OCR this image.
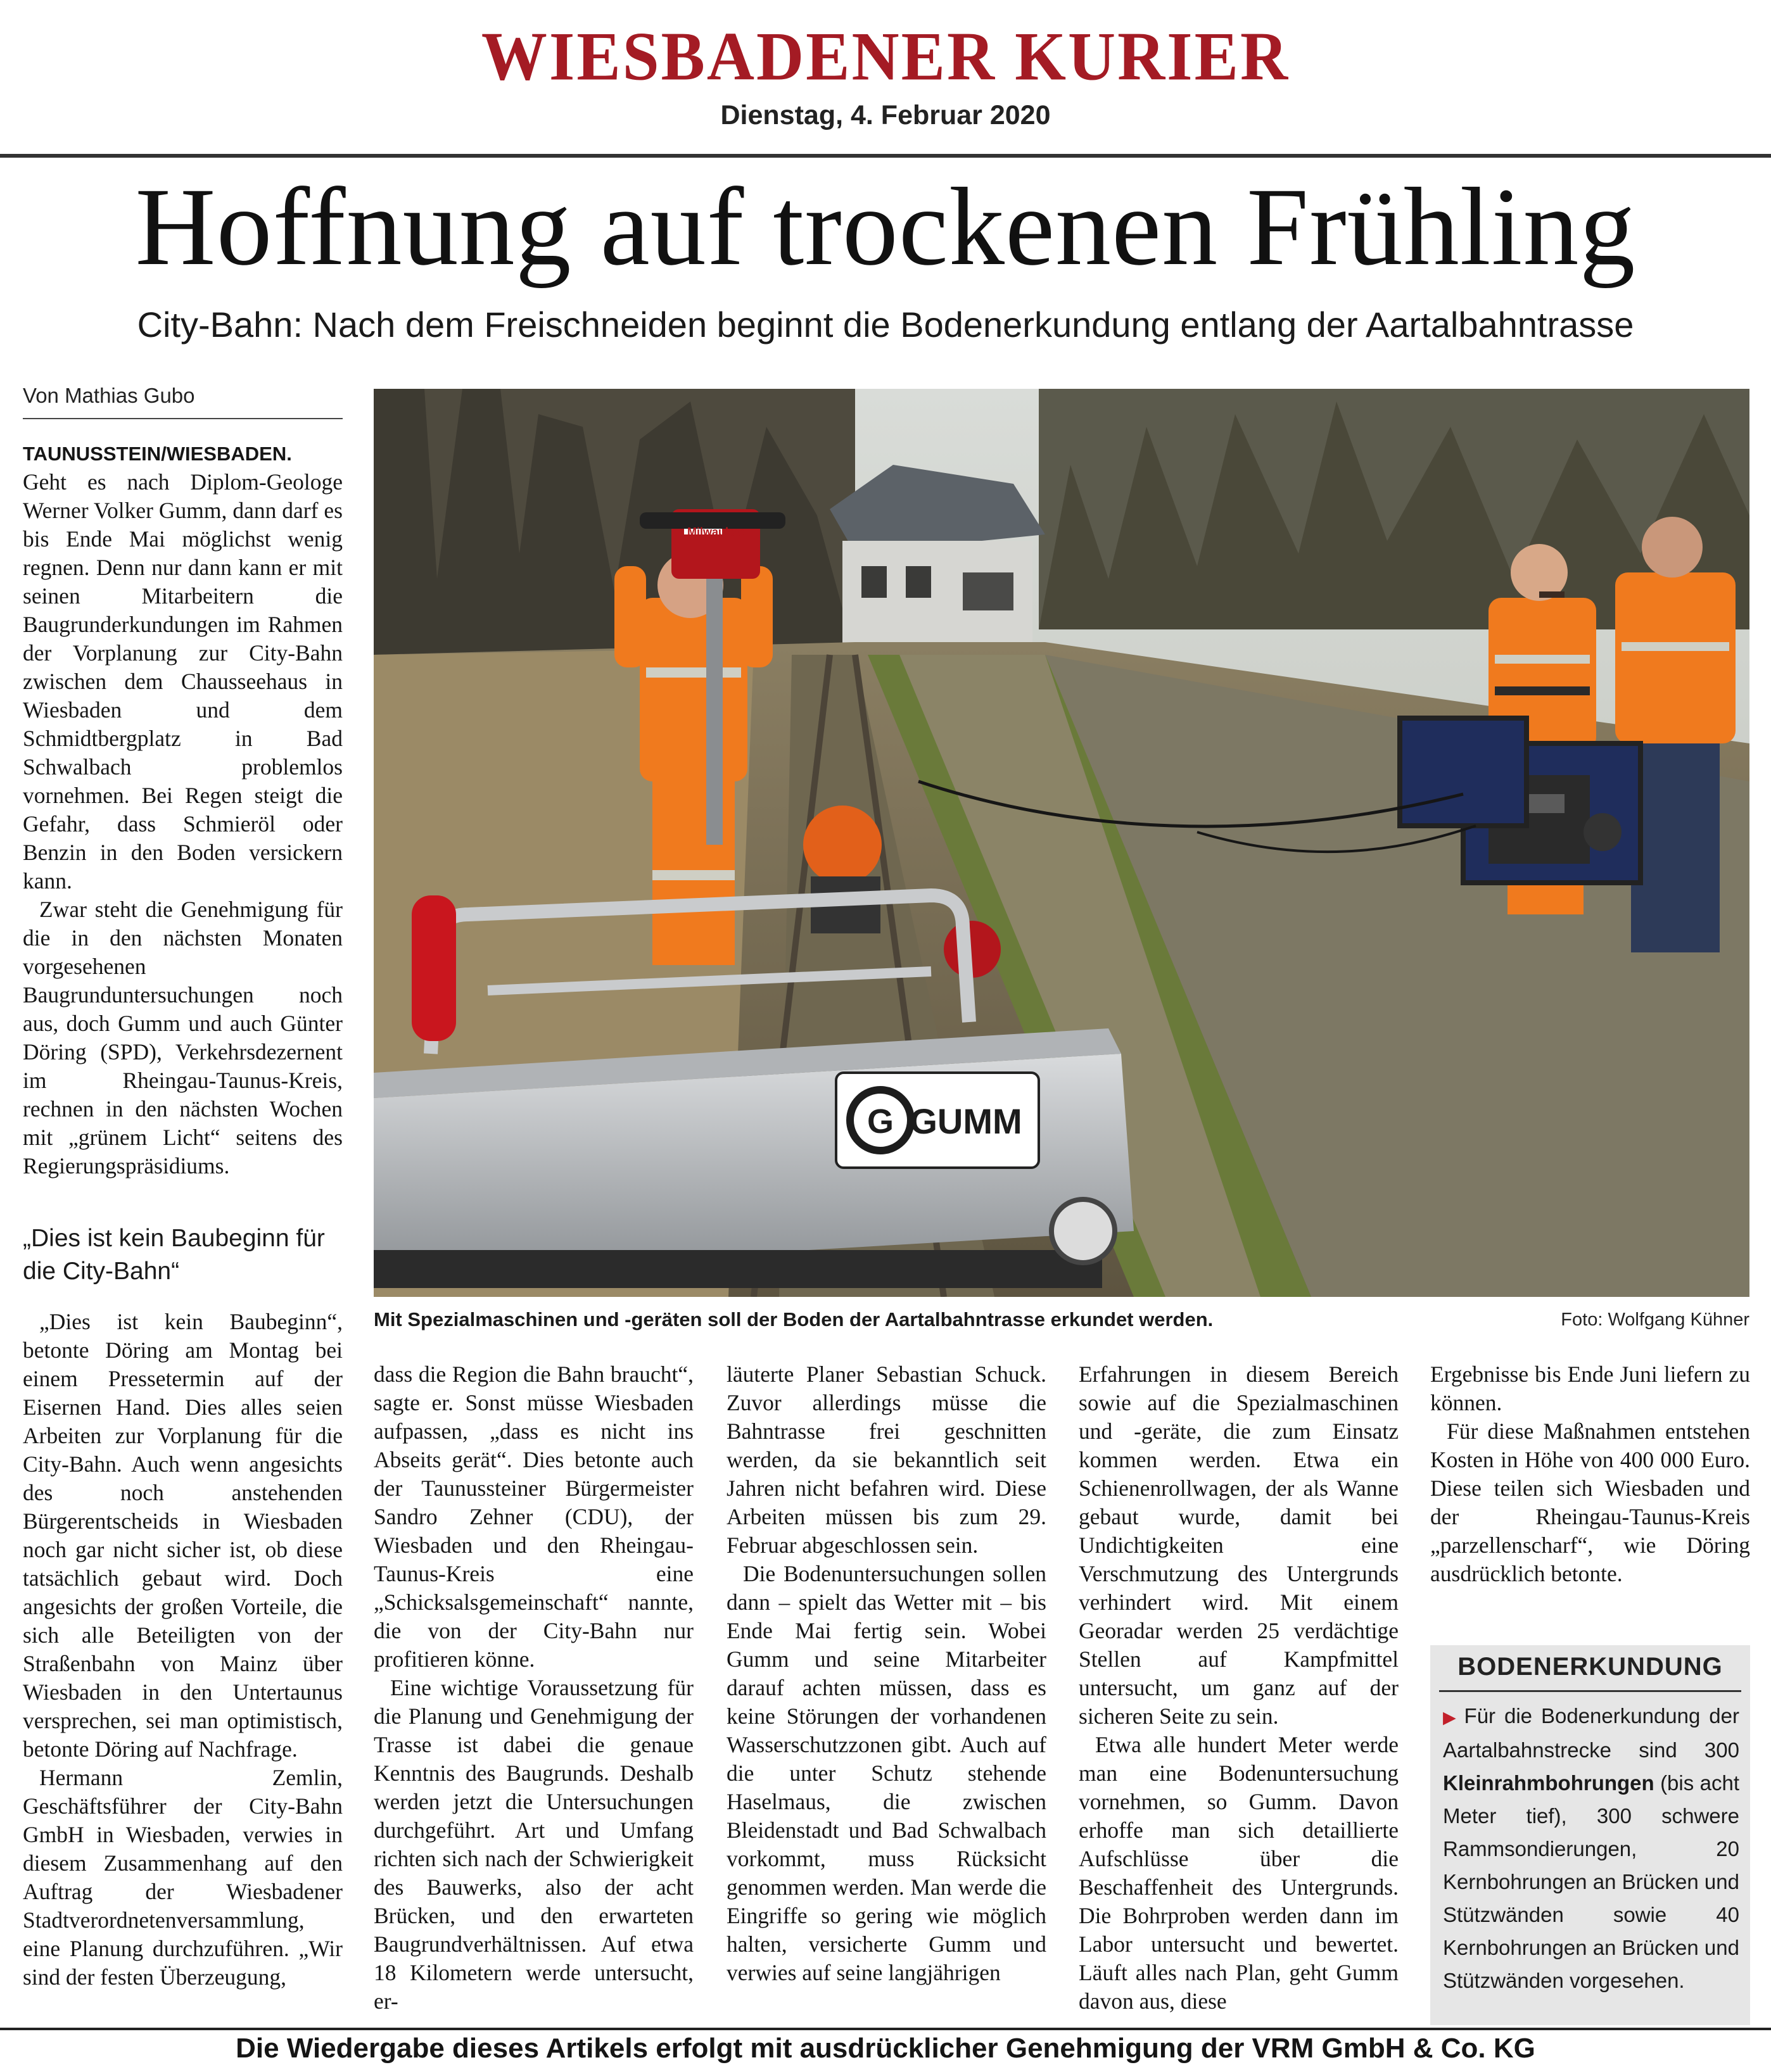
WIESBADENER KURIER
Dienstag, 4. Februar 2020
Hoffnung auf trockenen Frühling
City-Bahn: Nach dem Freischneiden beginnt die Bodenerkundung entlang der Aartalbahntrasse
Von Mathias Gubo

TAUNUSSTEIN/WIESBADEN.
Geht es nach Diplom-Geologe Werner Volker Gumm, dann darf es bis Ende Mai möglichst wenig regnen. Denn nur dann kann er mit seinen Mitarbeitern die Baugrunderkundungen im Rahmen der Vorplanung zur City-Bahn zwischen dem Chausseehaus in Wiesbaden und dem Schmidtbergplatz in Bad Schwalbach problemlos vornehmen. Bei Regen steigt die Gefahr, dass Schmieröl oder Benzin in den Boden versickern kann.

Zwar steht die Genehmigung für die in den nächsten Monaten vorgesehenen Baugrunduntersuchungen noch aus, doch Gumm und auch Günter Döring (SPD), Verkehrsdezernent im Rheingau-Taunus-Kreis, rechnen in den nächsten Wochen mit „grünem Licht“ seitens des Regierungspräsidiums.

„Dies ist kein Baubeginn für die City-Bahn“

„Dies ist kein Baubeginn“, betonte Döring am Montag bei einem Pressetermin auf der Eisernen Hand. Dies alles seien Arbeiten zur Vorplanung für die City-Bahn. Auch wenn angesichts des noch anstehenden Bürgerentscheids in Wiesbaden noch gar nicht sicher ist, ob diese tatsächlich gebaut wird. Doch angesichts der großen Vorteile, die sich alle Beteiligten von der Straßenbahn von Mainz über Wiesbaden in den Untertaunus versprechen, sei man optimistisch, betonte Döring auf Nachfrage.

Hermann Zemlin, Geschäftsführer der City-Bahn GmbH in Wiesbaden, verwies in diesem Zusammenhang auf den Auftrag der Wiesbadener Stadtverordnetenversammlung, eine Planung durchzuführen. „Wir sind der festen Überzeugung,

G GUMM
Milwaukee
Mit Spezialmaschinen und -geräten soll der Boden der Aartalbahntrasse erkundet werden.	Foto: Wolfgang Kühner

dass die Region die Bahn braucht“, sagte er. Sonst müsse Wiesbaden aufpassen, „dass es nicht ins Abseits gerät“. Dies betonte auch der Taunussteiner Bürgermeister Sandro Zehner (CDU), der Wiesbaden und den Rheingau-Taunus-Kreis eine „Schicksalsgemeinschaft“ nannte, die von der City-Bahn nur profitieren könne.

Eine wichtige Voraussetzung für die Planung und Genehmigung der Trasse ist dabei die genaue Kenntnis des Baugrunds. Deshalb werden jetzt die Untersuchungen durchgeführt. Art und Umfang richten sich nach der Schwierigkeit des Bauwerks, also der acht Brücken, und den erwarteten Baugrundverhältnissen. Auf etwa 18 Kilometern werde untersucht, er-

läuterte Planer Sebastian Schuck. Zuvor allerdings müsse die Bahntrasse frei geschnitten werden, da sie bekanntlich seit Jahren nicht befahren wird. Diese Arbeiten müssen bis zum 29. Februar abgeschlossen sein.

Die Bodenuntersuchungen sollen dann – spielt das Wetter mit – bis Ende Mai fertig sein. Wobei Gumm und seine Mitarbeiter darauf achten müssen, dass es keine Störungen der vorhandenen Wasserschutzzonen gibt. Auch auf die unter Schutz stehende Haselmaus, die zwischen Bleidenstadt und Bad Schwalbach vorkommt, muss Rücksicht genommen werden. Man werde die Eingriffe so gering wie möglich halten, versicherte Gumm und verwies auf seine langjährigen

Erfahrungen in diesem Bereich sowie auf die Spezialmaschinen und -geräte, die zum Einsatz kommen werden. Etwa ein Schienenrollwagen, der als Wanne gebaut wurde, damit bei Undichtigkeiten eine Verschmutzung des Untergrunds verhindert wird. Mit einem Georadar werden 25 verdächtige Stellen auf Kampfmittel untersucht, um ganz auf der sicheren Seite zu sein.

Etwa alle hundert Meter werde man eine Bodenuntersuchung vornehmen, so Gumm. Davon erhoffe man sich detaillierte Aufschlüsse über die Beschaffenheit des Untergrunds. Die Bohrproben werden dann im Labor untersucht und bewertet. Läuft alles nach Plan, geht Gumm davon aus, diese

Ergebnisse bis Ende Juni liefern zu können.

Für diese Maßnahmen entstehen Kosten in Höhe von 400 000 Euro. Diese teilen sich Wiesbaden und der Rheingau-Taunus-Kreis „parzellenscharf“, wie Döring ausdrücklich betonte.

BODENERKUNDUNG
▶ Für die Bodenerkundung der Aartalbahnstrecke sind 300 Kleinrahmbohrungen (bis acht Meter tief), 300 schwere Rammsondierungen, 20 Kernbohrungen an Brücken und Stützwänden sowie 40 Kernbohrungen an Brücken und Stützwänden vorgesehen.
Die Wiedergabe dieses Artikels erfolgt mit ausdrücklicher Genehmigung der VRM GmbH & Co. KG
